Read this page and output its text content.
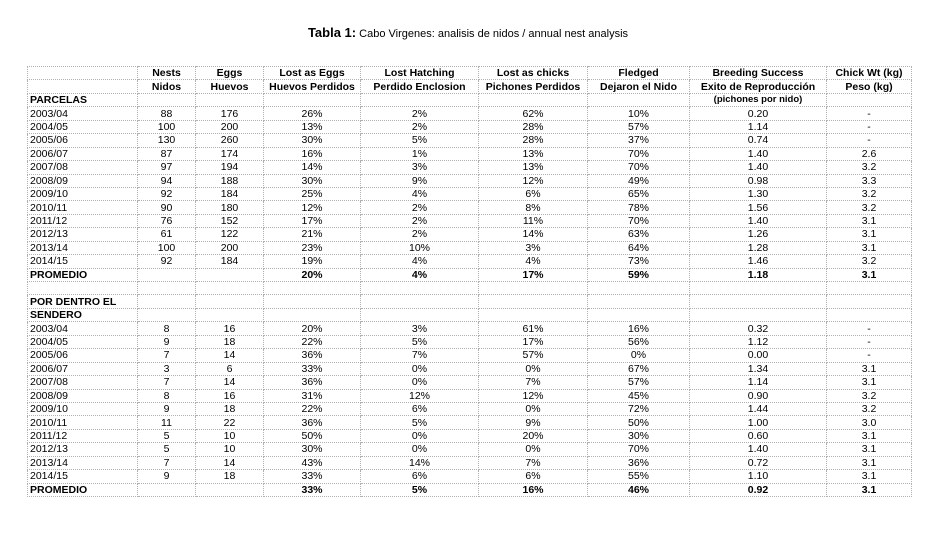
Tabla 1: Cabo Virgenes: analisis de nidos / annual nest analysis
	Nests	Eggs	Lost as Eggs	Lost Hatching	Lost as chicks	Fledged	Breeding Success	Chick Wt (kg)
	Nidos	Huevos	Huevos Perdidos	Perdido Enclosion	Pichones Perdidos	Dejaron el Nido	Exito de Reproducción	Peso (kg)
PARCELAS							(pichones por nido)	
2003/04	88	176	26%	2%	62%	10%	0.20	-
2004/05	100	200	13%	2%	28%	57%	1.14	-
2005/06	130	260	30%	5%	28%	37%	0.74	-
2006/07	87	174	16%	1%	13%	70%	1.40	2.6
2007/08	97	194	14%	3%	13%	70%	1.40	3.2
2008/09	94	188	30%	9%	12%	49%	0.98	3.3
2009/10	92	184	25%	4%	6%	65%	1.30	3.2
2010/11	90	180	12%	2%	8%	78%	1.56	3.2
2011/12	76	152	17%	2%	11%	70%	1.40	3.1
2012/13	61	122	21%	2%	14%	63%	1.26	3.1
2013/14	100	200	23%	10%	3%	64%	1.28	3.1
2014/15	92	184	19%	4%	4%	73%	1.46	3.2
PROMEDIO			20%	4%	17%	59%	1.18	3.1

POR DENTRO EL								
SENDERO								
2003/04	8	16	20%	3%	61%	16%	0.32	-
2004/05	9	18	22%	5%	17%	56%	1.12	-
2005/06	7	14	36%	7%	57%	0%	0.00	-
2006/07	3	6	33%	0%	0%	67%	1.34	3.1
2007/08	7	14	36%	0%	7%	57%	1.14	3.1
2008/09	8	16	31%	12%	12%	45%	0.90	3.2
2009/10	9	18	22%	6%	0%	72%	1.44	3.2
2010/11	11	22	36%	5%	9%	50%	1.00	3.0
2011/12	5	10	50%	0%	20%	30%	0.60	3.1
2012/13	5	10	30%	0%	0%	70%	1.40	3.1
2013/14	7	14	43%	14%	7%	36%	0.72	3.1
2014/15	9	18	33%	6%	6%	55%	1.10	3.1
PROMEDIO			33%	5%	16%	46%	0.92	3.1
